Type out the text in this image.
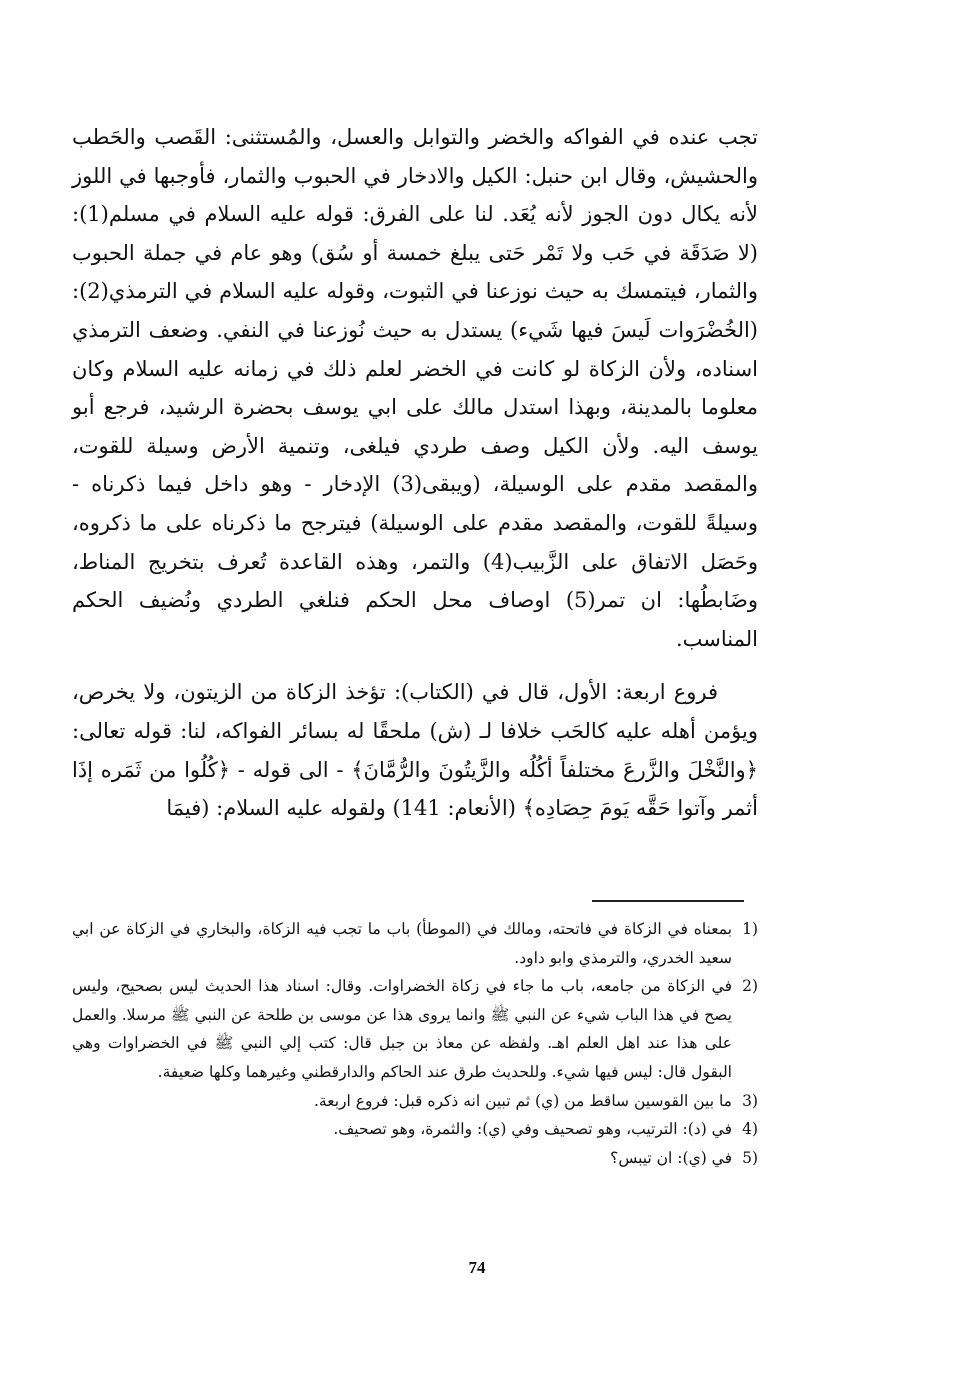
تجب عنده في الفواكه والخضر والتوابل والعسل، والمُستثنى: القَصب والحَطب والحشيش، وقال ابن حنبل: الكيل والادخار في الحبوب والثمار، فأوجبها في اللوز لأنه يكال دون الجوز لأنه يُعَد. لنا على الفرق: قوله عليه السلام في مسلم(1): (لا صَدَقَة في حَب ولا تَمْر حَتى يبلغ خمسة أو سُق) وهو عام في جملة الحبوب والثمار، فيتمسك به حيث نوزعنا في الثبوت، وقوله عليه السلام في الترمذي(2): (الخُضْرَوات لَيسَ فيها شَيء) يستدل به حيث نُوزعنا في النفي. وضعف الترمذي اسناده، ولأن الزكاة لو كانت في الخضر لعلم ذلك في زمانه عليه السلام وكان معلوما بالمدينة، وبهذا استدل مالك على ابي يوسف بحضرة الرشيد، فرجع أبو يوسف اليه. ولأن الكيل وصف طردي فيلغى، وتنمية الأرض وسيلة للقوت، والمقصد مقدم على الوسيلة، (ويبقى(3) الإدخار - وهو داخل فيما ذكرناه - وسيلةً للقوت، والمقصد مقدم على الوسيلة) فيترجح ما ذكرناه على ما ذكروه، وحَصَل الاتفاق على الزَّبيب(4) والتمر، وهذه القاعدة تُعرف بتخريج المناط، وضَابطُها: ان تمر(5) اوصاف محل الحكم فنلغي الطردي ونُضيف الحكم المناسب.

فروع اربعة: الأول، قال في (الكتاب): تؤخذ الزكاة من الزيتون، ولا يخرص، ويؤمن أهله عليه كالحَب خلافا لـ (ش) ملحقًا له بسائر الفواكه، لنا: قوله تعالى: ﴿والنَّخْلَ والزَّرعَ مختلفاً أكُلُه والزَّيتُونَ والرُّمَّانَ﴾ - الى قوله - ﴿كُلُوا من ثَمَره إذَا أثمر وآتوا حَقَّه يَومَ حِصَادِه﴾ (الأنعام: 141) ولقوله عليه السلام: (فيمَا

1)
بمعناه في الزكاة في فاتحته، ومالك في (الموطأ) باب ما تجب فيه الزكاة، والبخاري في الزكاة عن ابي سعيد الخدري، والترمذي وابو داود.
2)
في الزكاة من جامعه، باب ما جاء في زكاة الخضراوات. وقال: اسناد هذا الحديث ليس بصحيح، وليس يصح في هذا الباب شيء عن النبي ﷺ وانما يروى هذا عن موسى بن طلحة عن النبي ﷺ مرسلا. والعمل على هذا عند اهل العلم اهـ. ولفظه عن معاذ بن جبل قال: كتب إلي النبي ﷺ في الخضراوات وهي البقول قال: ليس فيها شيء. وللحديث طرق عند الحاكم والدارقطني وغيرهما وكلها ضعيفة.
3)
ما بين القوسين ساقط من (ي) ثم تبين انه ذكره قبل: فروع اربعة.
4)
في (د): الترتيب، وهو تصحيف وفي (ي): والثمرة، وهو تصحيف.
5)
في (ي): ان تيبس؟
74
